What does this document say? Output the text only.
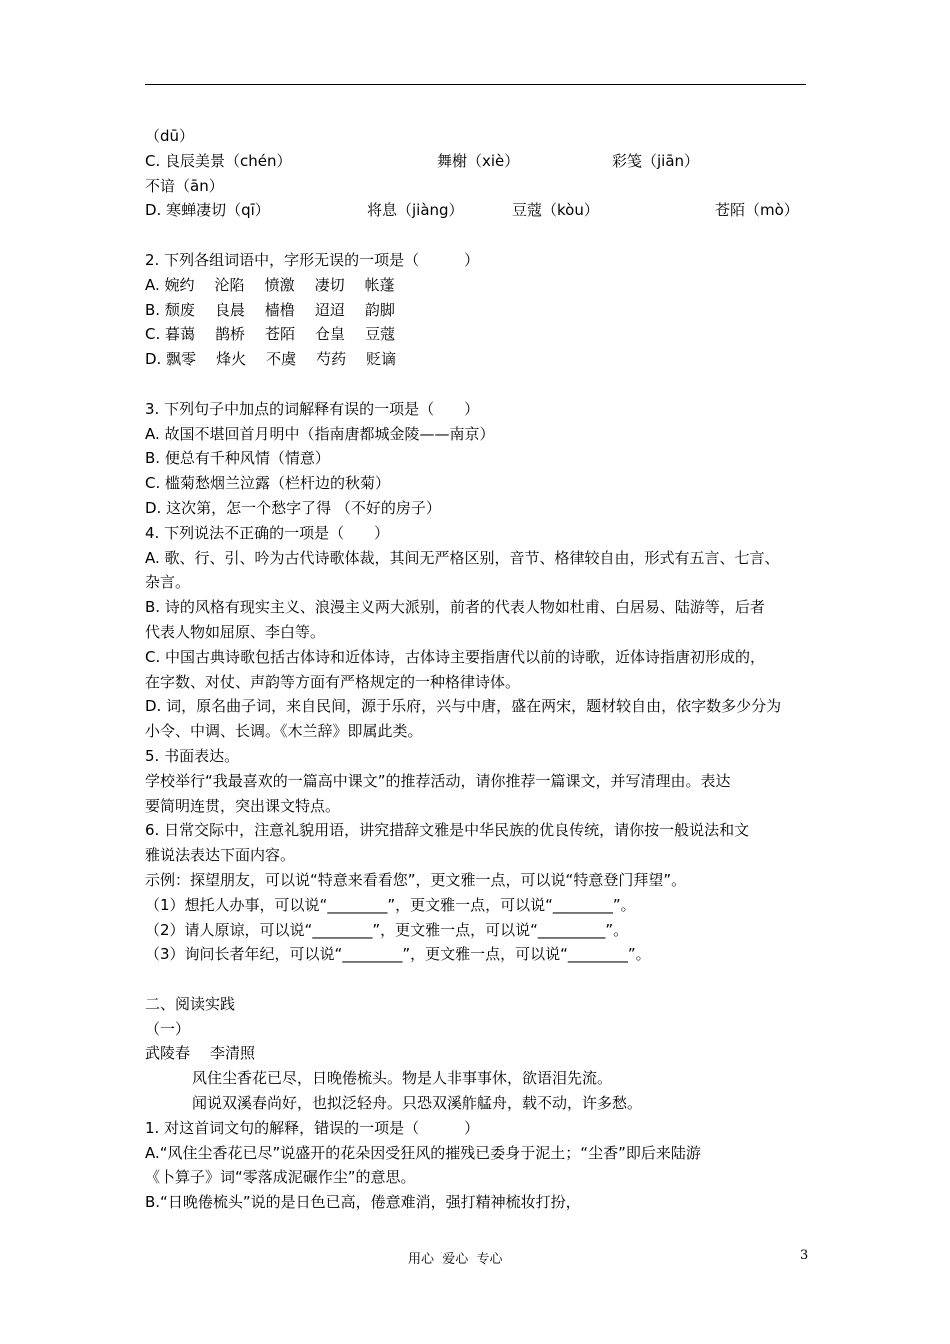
（dū）
C. 良辰美景（chén）	舞榭（xiè）	彩笺（jiān）
不谙（ān）
D. 寒蝉凄切（qī）	将息（jiàng）	豆蔻（kòu）	苍陌（mò）
2. 下列各组词语中，字形无误的一项是（　　　）
A. 婉约 沦陷 愤激 凄切 帐蓬
B. 颓废 良晨 樯橹 迢迢 韵脚
C. 暮蔼 鹊桥 苍陌 仓皇 豆蔻
D. 飘零 烽火 不虞 芍药 贬谪
3. 下列句子中加点的词解释有误的一项是（　　）
A. 故国不堪回首月明中（指南唐都城金陵——南京）
B. 便总有千种风情（情意）
C. 槛菊愁烟兰泣露（栏杆边的秋菊）
D. 这次第，怎一个愁字了得 （不好的房子）
4. 下列说法不正确的一项是（　　）
A. 歌、行、引、吟为古代诗歌体裁，其间无严格区别，音节、格律较自由，形式有五言、七言、
杂言。
B. 诗的风格有现实主义、浪漫主义两大派别，前者的代表人物如杜甫、白居易、陆游等，后者
代表人物如屈原、李白等。
C. 中国古典诗歌包括古体诗和近体诗，古体诗主要指唐代以前的诗歌，近体诗指唐初形成的，
在字数、对仗、声韵等方面有严格规定的一种格律诗体。
D. 词，原名曲子词，来自民间，源于乐府，兴与中唐，盛在两宋，题材较自由，依字数多少分为
小令、中调、长调。《木兰辞》即属此类。
5. 书面表达。
学校举行“我最喜欢的一篇高中课文”的推荐活动，请你推荐一篇课文，并写清理由。表达
要简明连贯，突出课文特点。
6. 日常交际中，注意礼貌用语，讲究措辞文雅是中华民族的优良传统，请你按一般说法和文
雅说法表达下面内容。
示例：探望朋友，可以说“特意来看看您”，更文雅一点，可以说“特意登门拜望”。
（1）想托人办事，可以说“________”，更文雅一点，可以说“________”。
（2）请人原谅，可以说“________”，更文雅一点，可以说“_________”。
（3）询问长者年纪，可以说“________”，更文雅一点，可以说“________”。
二、阅读实践
（一）
武陵春 李清照
风住尘香花已尽，日晚倦梳头。物是人非事事休，欲语泪先流。
闻说双溪春尚好，也拟泛轻舟。只恐双溪舴艋舟，载不动，许多愁。
1. 对这首词文句的解释，错误的一项是（　　　）
A.“风住尘香花已尽”说盛开的花朵因受狂风的摧残已委身于泥土；“尘香”即后来陆游
《卜算子》词“零落成泥碾作尘”的意思。
B.“日晚倦梳头”说的是日色已高，倦意难消，强打精神梳妆打扮，
用心  爱心  专心	3
